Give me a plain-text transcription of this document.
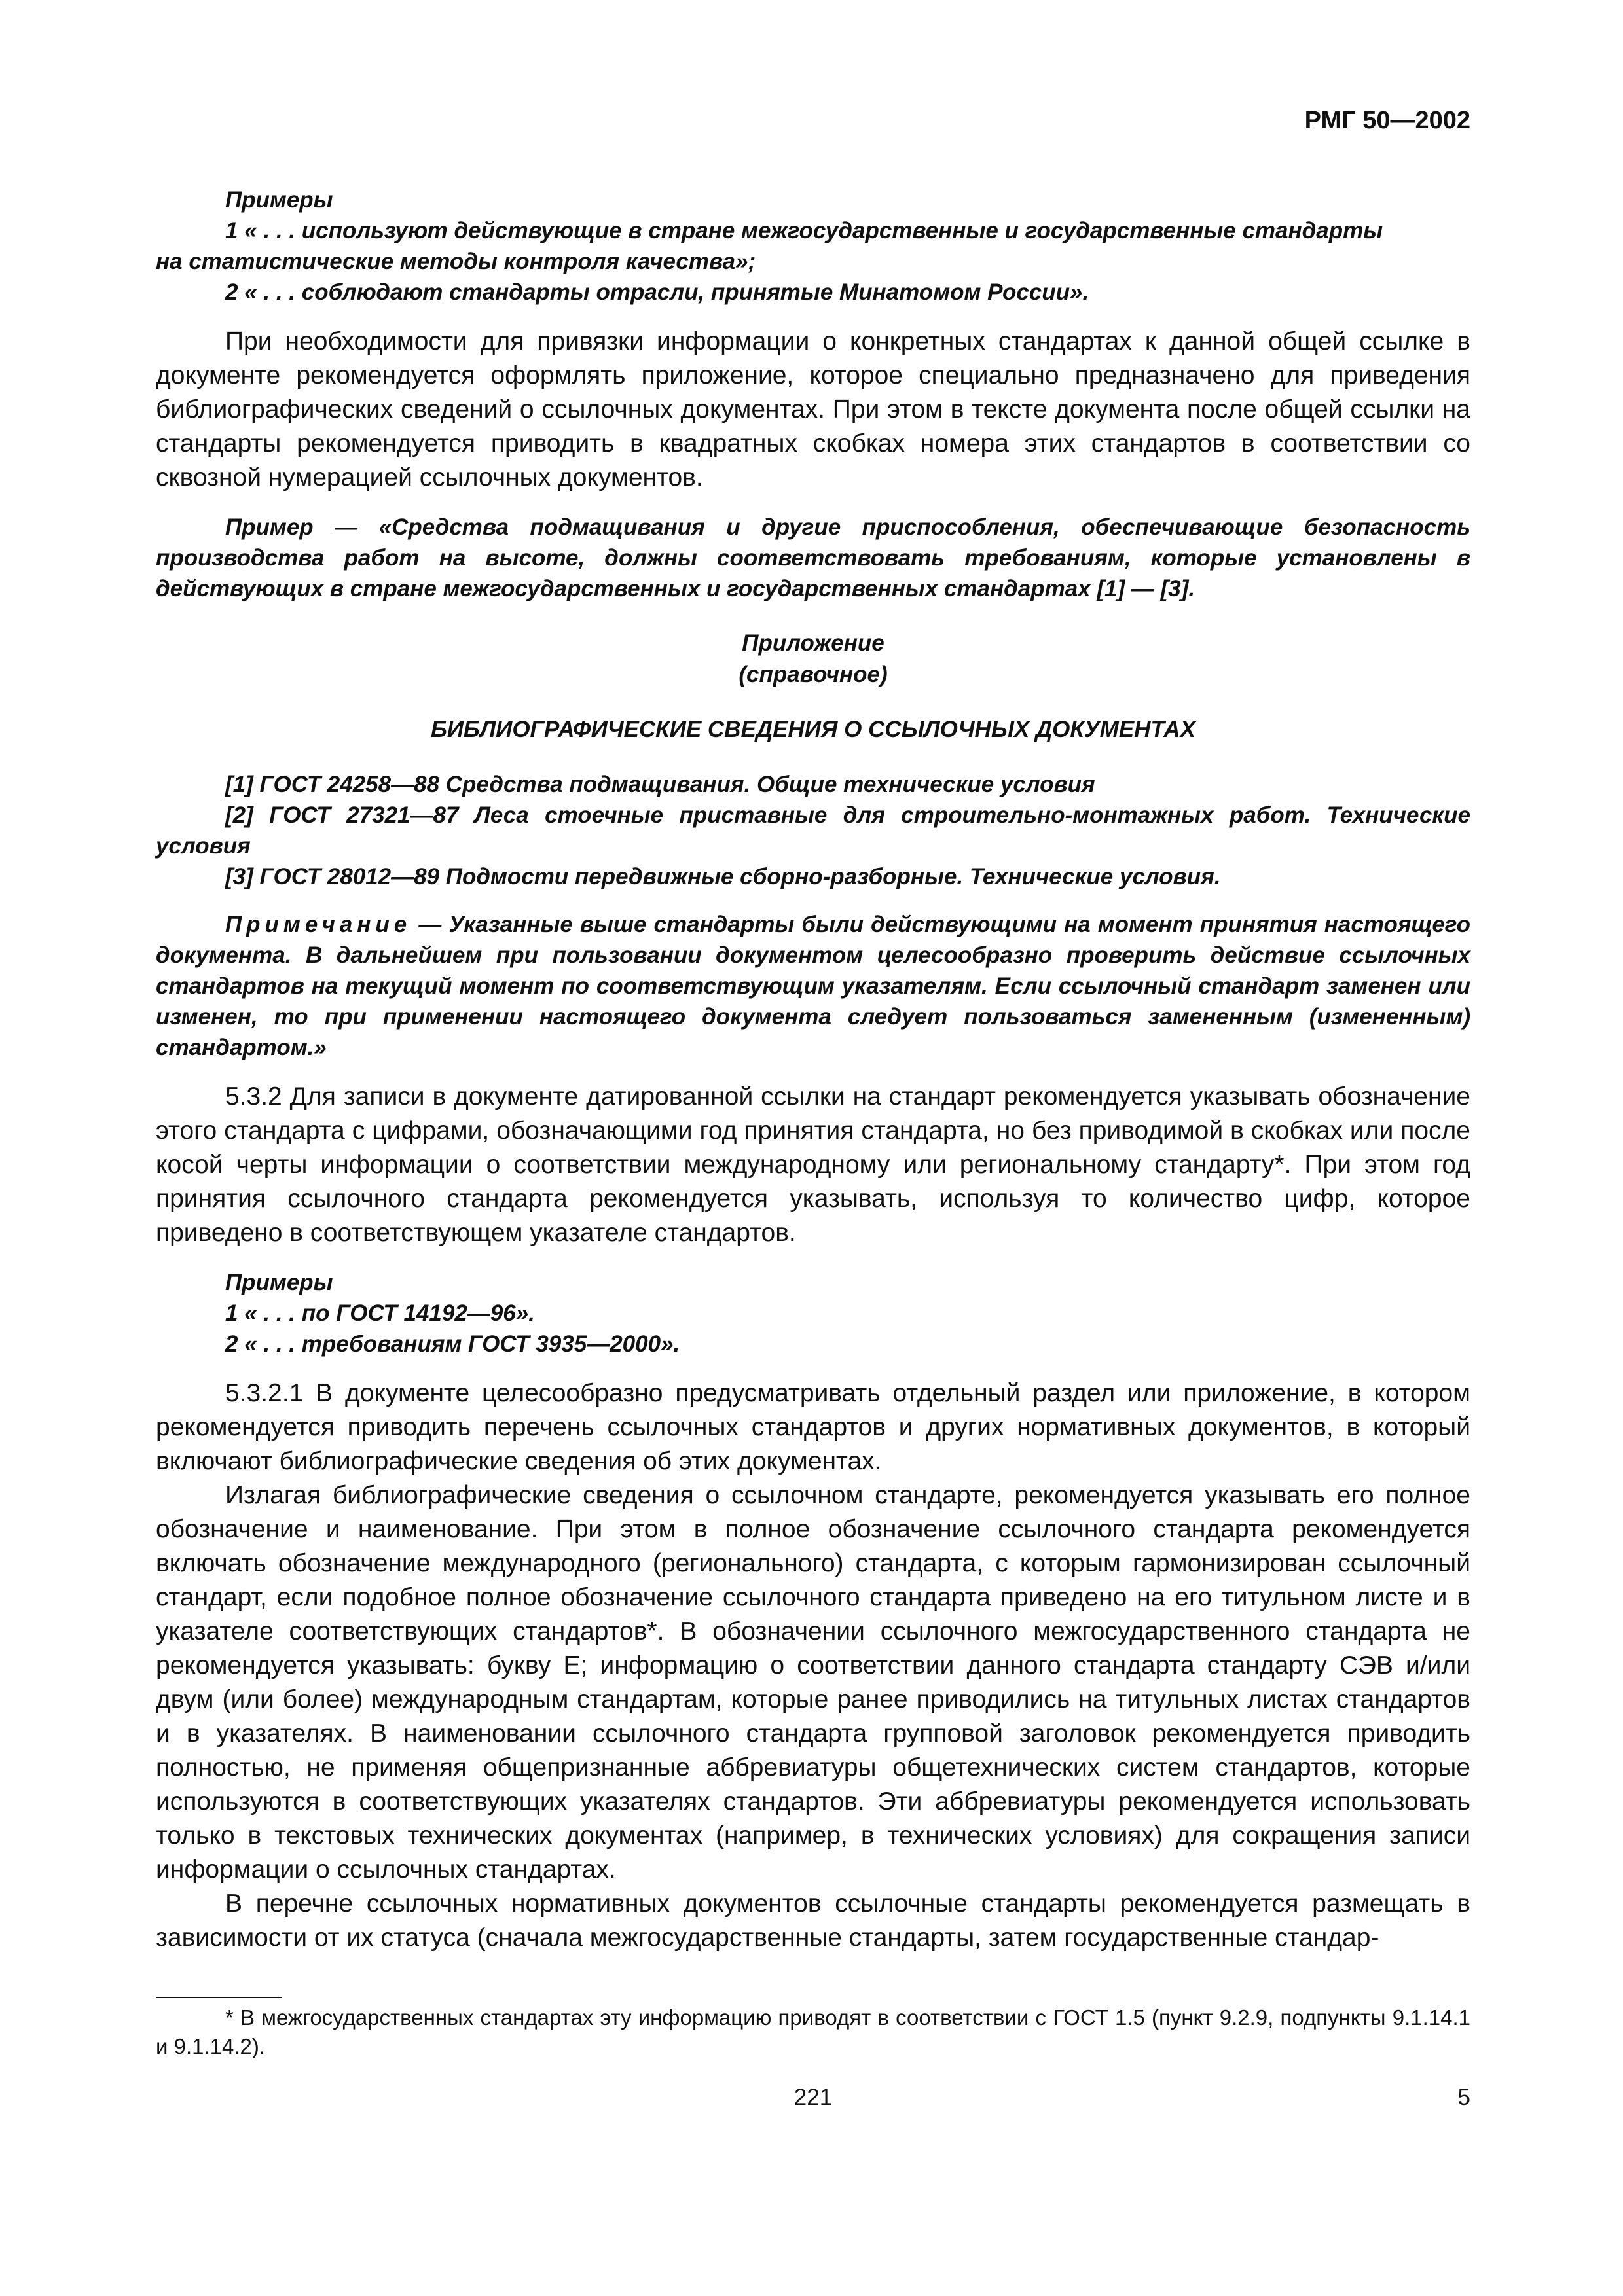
РМГ 50—2002

Примеры

1 « . . . используют действующие в стране межгосударственные и государственные стандарты

на статистические методы контроля качества»;

2 « . . . соблюдают стандарты отрасли, принятые Минатомом России».

При необходимости для привязки информации о конкретных стандартах к данной общей ссылке в документе рекомендуется оформлять приложение, которое специально предназначено для приведения библиографических сведений о ссылочных документах. При этом в тексте документа после общей ссылки на стандарты рекомендуется приводить в квадратных скобках номера этих стандартов в соответствии со сквозной нумерацией ссылочных документов.

Пример — «Средства подмащивания и другие приспособления, обеспечивающие безопасность производства работ на высоте, должны соответствовать требованиям, которые установлены в действующих в стране межгосударственных и государственных стандартах [1] — [3].

Приложение

(справочное)

БИБЛИОГРАФИЧЕСКИЕ СВЕДЕНИЯ О ССЫЛОЧНЫХ ДОКУМЕНТАХ

[1] ГОСТ 24258—88 Средства подмащивания. Общие технические условия

[2] ГОСТ 27321—87 Леса стоечные приставные для строительно-монтажных работ. Технические условия

[3] ГОСТ 28012—89 Подмости передвижные сборно-разборные. Технические условия.

Примечание — Указанные выше стандарты были действующими на момент принятия настоящего документа. В дальнейшем при пользовании документом целесообразно проверить действие ссылочных стандартов на текущий момент по соответствующим указателям. Если ссылочный стандарт заменен или изменен, то при применении настоящего документа следует пользоваться замененным (измененным) стандартом.»

5.3.2 Для записи в документе датированной ссылки на стандарт рекомендуется указывать обозначение этого стандарта с цифрами, обозначающими год принятия стандарта, но без приводимой в скобках или после косой черты информации о соответствии международному или региональному стандарту*. При этом год принятия ссылочного стандарта рекомендуется указывать, используя то количество цифр, которое приведено в соответствующем указателе стандартов.

Примеры

1 « . . . по ГОСТ 14192—96».

2 « . . . требованиям ГОСТ 3935—2000».

5.3.2.1 В документе целесообразно предусматривать отдельный раздел или приложение, в котором рекомендуется приводить перечень ссылочных стандартов и других нормативных документов, в который включают библиографические сведения об этих документах.

Излагая библиографические сведения о ссылочном стандарте, рекомендуется указывать его полное обозначение и наименование. При этом в полное обозначение ссылочного стандарта рекомендуется включать обозначение международного (регионального) стандарта, с которым гармонизирован ссылочный стандарт, если подобное полное обозначение ссылочного стандарта приведено на его титульном листе и в указателе соответствующих стандартов*. В обозначении ссылочного межгосударственного стандарта не рекомендуется указывать: букву Е; информацию о соответствии данного стандарта стандарту СЭВ и/или двум (или более) международным стандартам, которые ранее приводились на титульных листах стандартов и в указателях. В наименовании ссылочного стандарта групповой заголовок рекомендуется приводить полностью, не применяя общепризнанные аббревиатуры общетехнических систем стандартов, которые используются в соответствующих указателях стандартов. Эти аббревиатуры рекомендуется использовать только в текстовых технических документах (например, в технических условиях) для сокращения записи информации о ссылочных стандартах.

В перечне ссылочных нормативных документов ссылочные стандарты рекомендуется размещать в зависимости от их статуса (сначала межгосударственные стандарты, затем государственные стандар-

* В межгосударственных стандартах эту информацию приводят в соответствии с ГОСТ 1.5 (пункт 9.2.9, подпункты 9.1.14.1 и 9.1.14.2).

221	5
